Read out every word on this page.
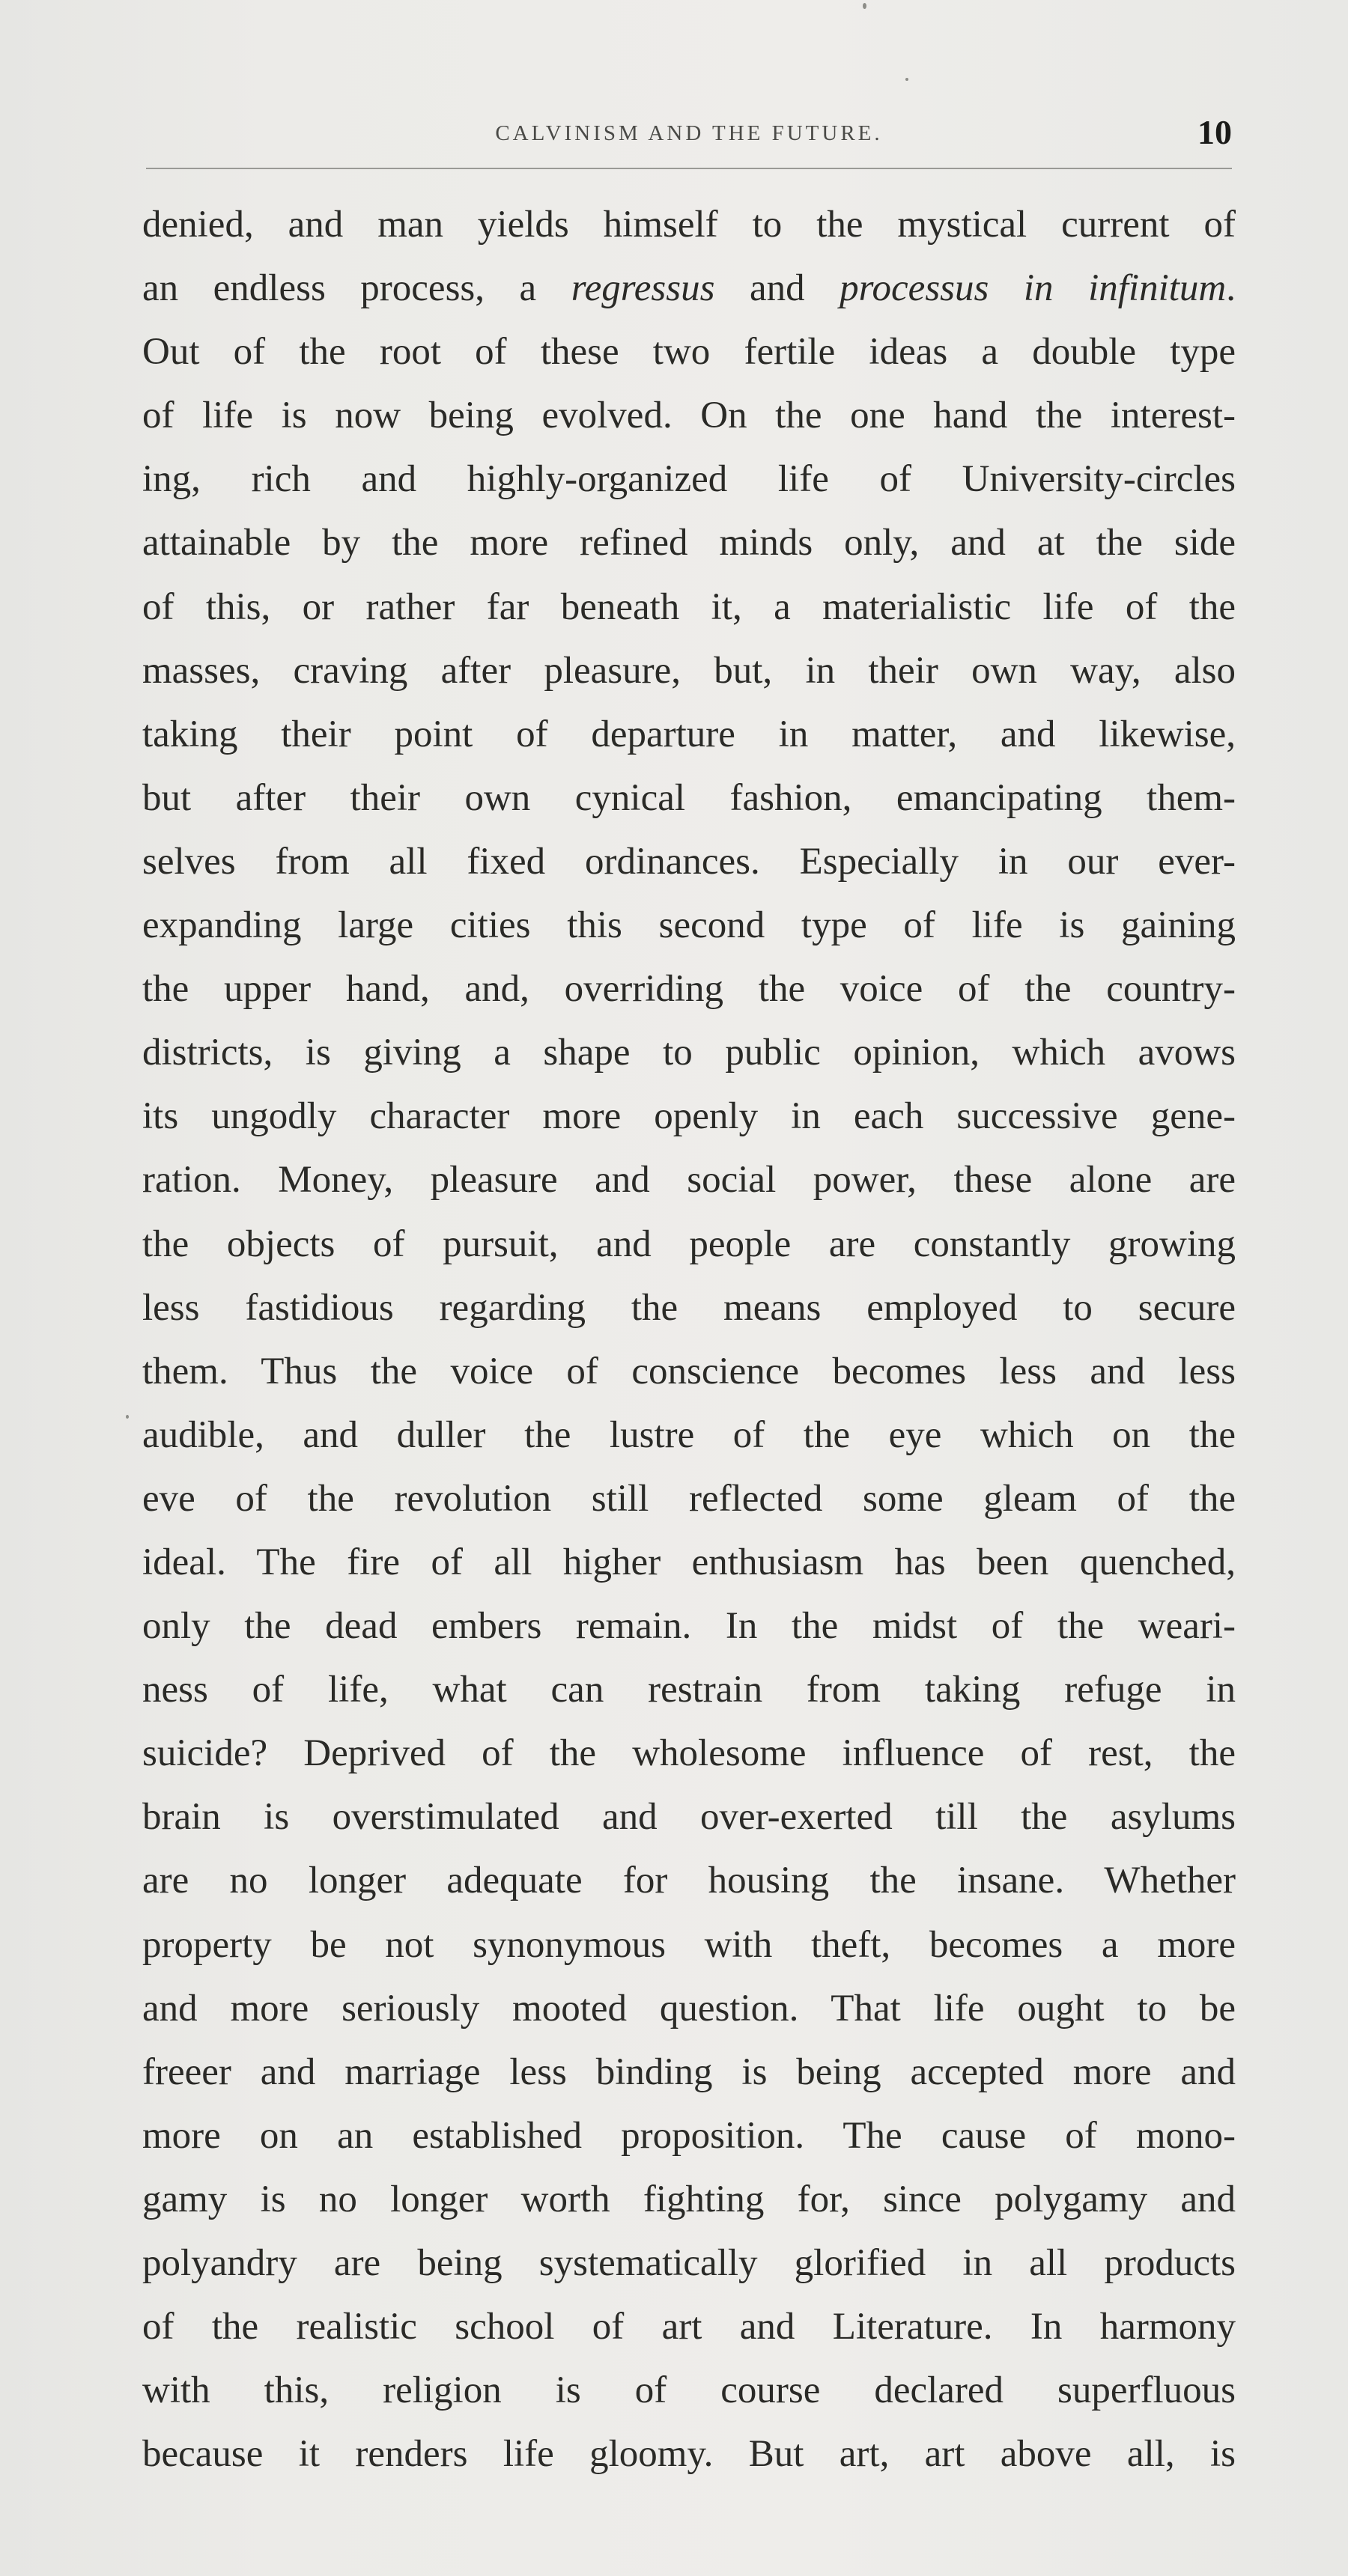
CALVINISM AND THE FUTURE.	10
denied, and man yields himself to the mystical current of
an endless process, a regressus and processus in infinitum.
Out of the root of these two fertile ideas a double type
of life is now being evolved. On the one hand the interest-
ing, rich and highly-organized life of University-circles
attainable by the more refined minds only, and at the side
of this, or rather far beneath it, a materialistic life of the
masses, craving after pleasure, but, in their own way, also
taking their point of departure in matter, and likewise,
but after their own cynical fashion, emancipating them-
selves from all fixed ordinances. Especially in our ever-
expanding large cities this second type of life is gaining
the upper hand, and, overriding the voice of the country-
districts, is giving a shape to public opinion, which avows
its ungodly character more openly in each successive gene-
ration. Money, pleasure and social power, these alone are
the objects of pursuit, and people are constantly growing
less fastidious regarding the means employed to secure
them. Thus the voice of conscience becomes less and less
audible, and duller the lustre of the eye which on the
eve of the revolution still reflected some gleam of the
ideal. The fire of all higher enthusiasm has been quenched,
only the dead embers remain. In the midst of the weari-
ness of life, what can restrain from taking refuge in
suicide? Deprived of the wholesome influence of rest, the
brain is overstimulated and over-exerted till the asylums
are no longer adequate for housing the insane. Whether
property be not synonymous with theft, becomes a more
and more seriously mooted question. That life ought to be
freeer and marriage less binding is being accepted more and
more on an established proposition. The cause of mono-
gamy is no longer worth fighting for, since polygamy and
polyandry are being systematically glorified in all products
of the realistic school of art and Literature. In harmony
with this, religion is of course declared superfluous
because it renders life gloomy. But art, art above all, is
